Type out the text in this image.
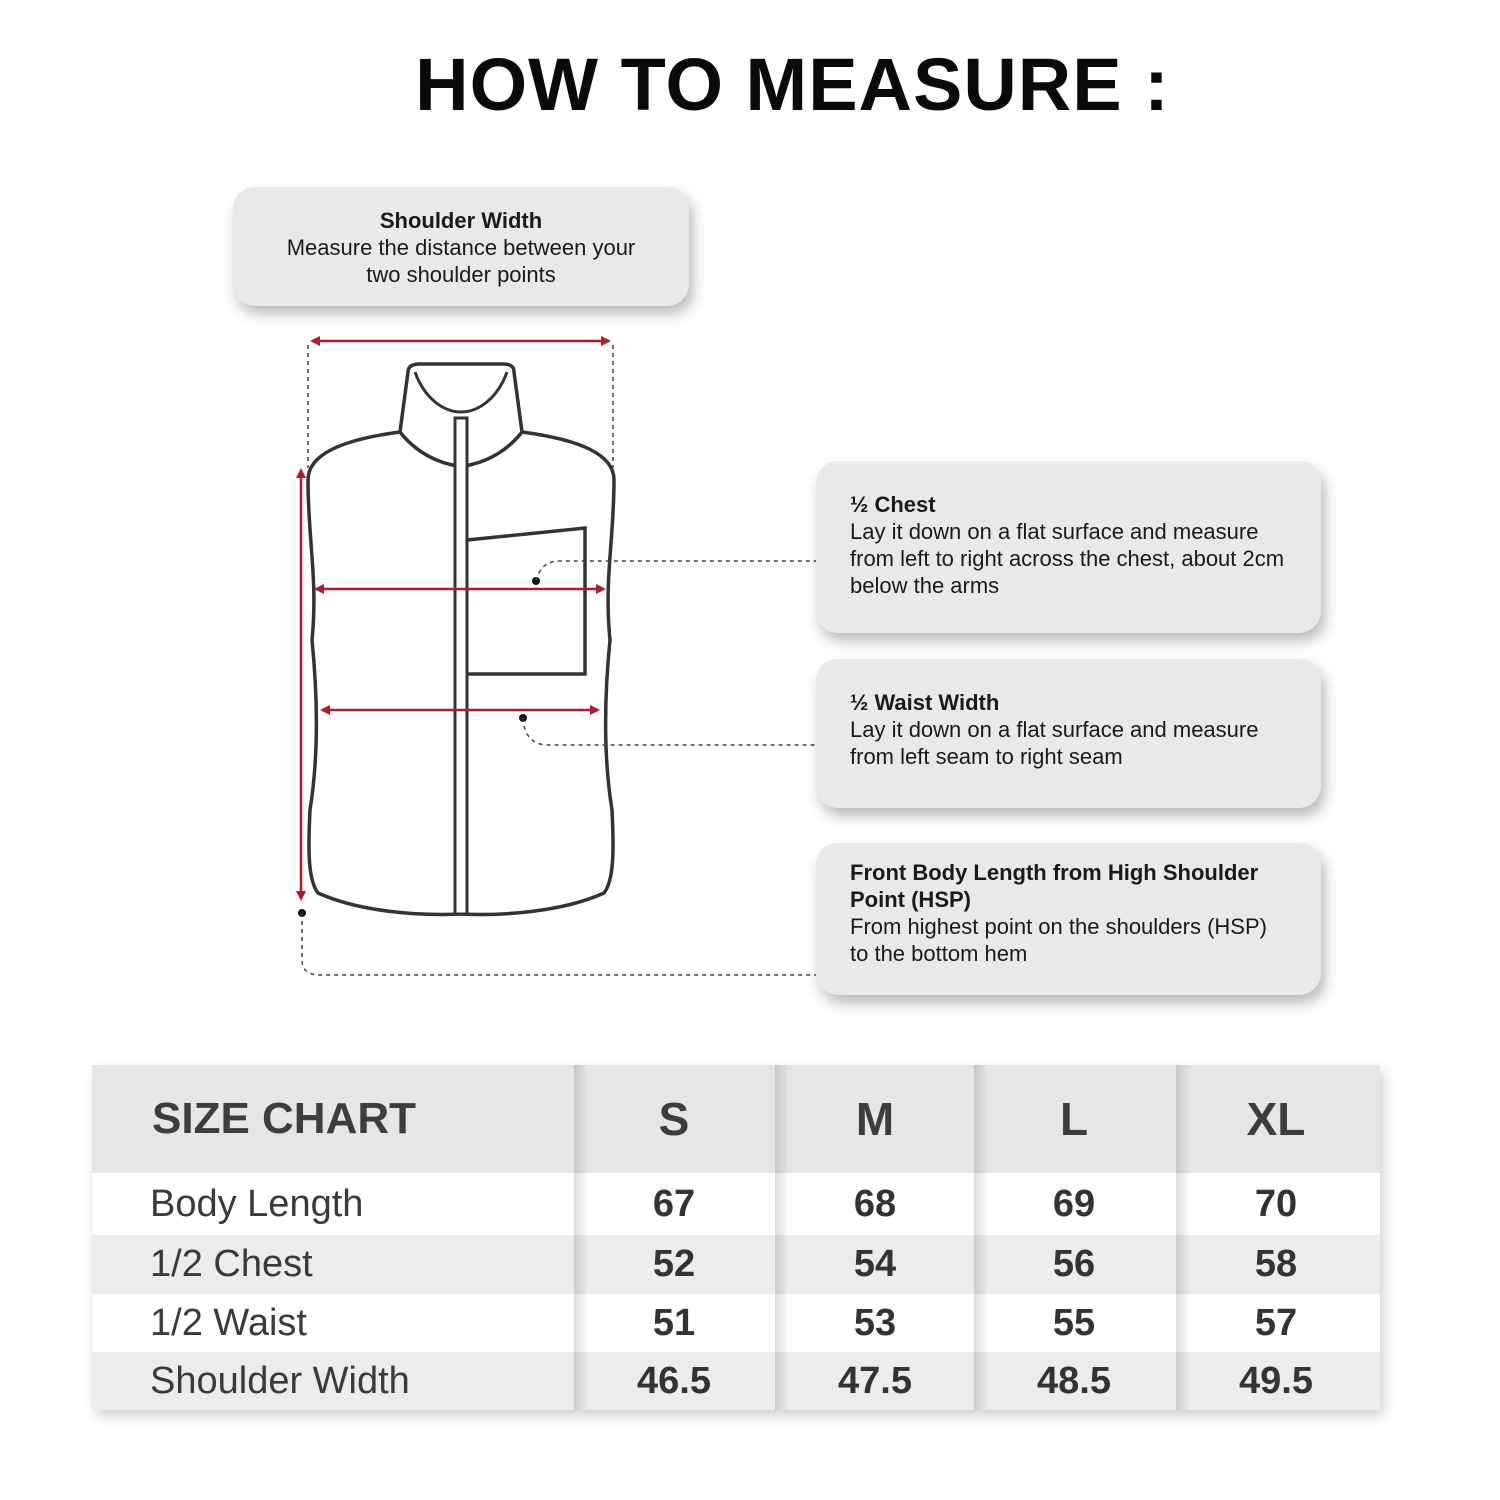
HOW TO MEASURE :
Shoulder Width
Measure the distance between your
two shoulder points
½ Chest
Lay it down on a flat surface and measure from left to right across the chest, about 2cm below the arms
½ Waist Width
Lay it down on a flat surface and measure from left seam to right seam
Front Body Length from High Shoulder Point (HSP)
From highest point on the shoulders (HSP) to the bottom hem
SIZE CHART	S	M	L	XL
Body Length	67	68	69	70
1/2 Chest	52	54	56	58
1/2 Waist	51	53	55	57
Shoulder Width	46.5	47.5	48.5	49.5
